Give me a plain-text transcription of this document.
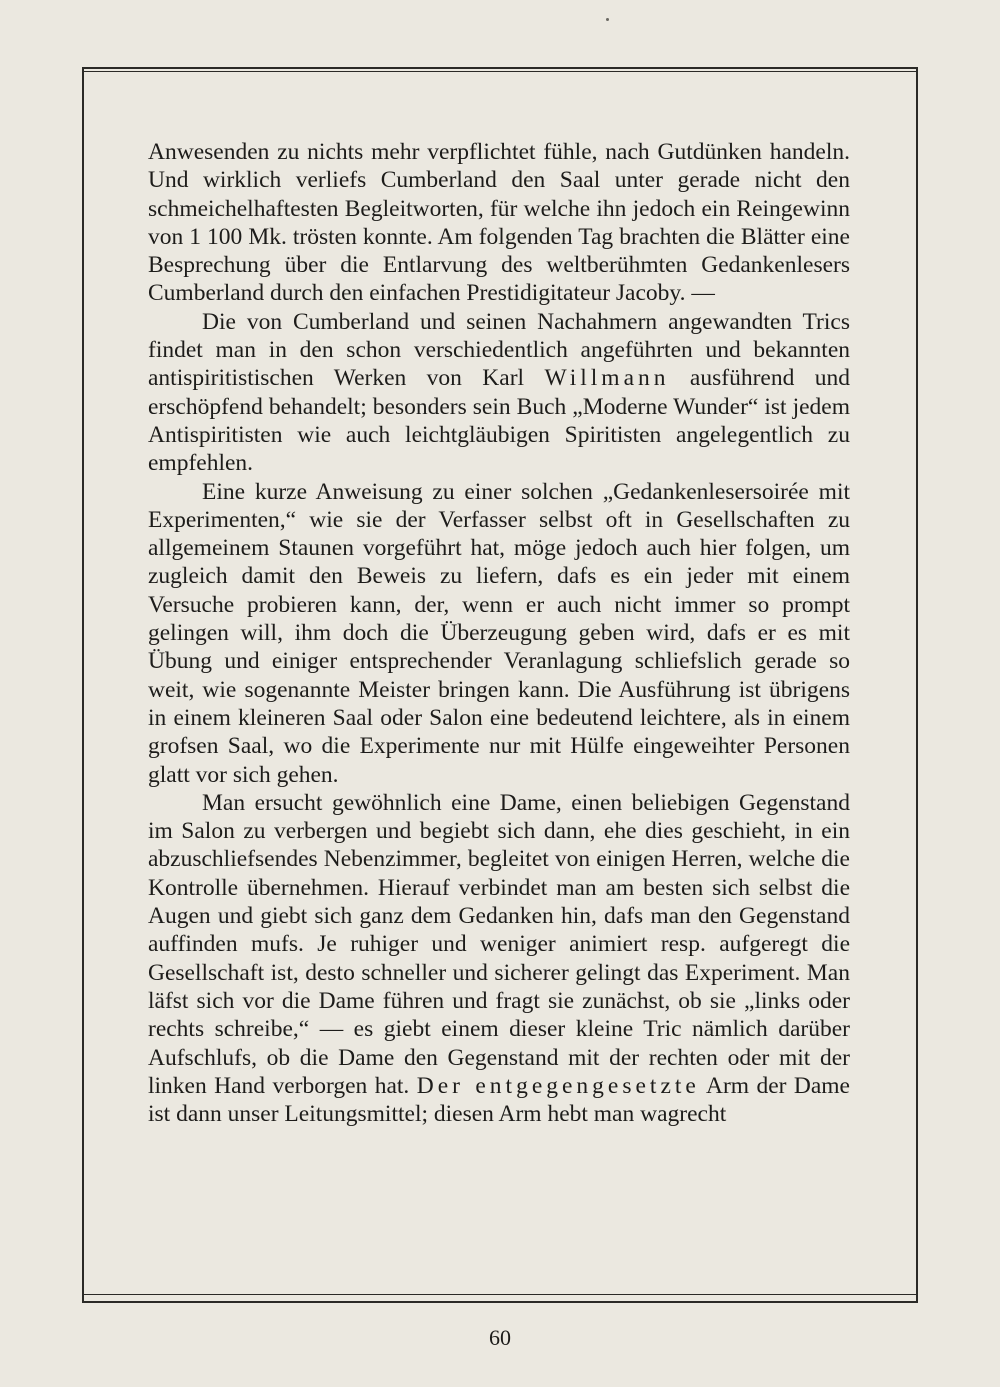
Anwesenden zu nichts mehr verpflichtet fühle, nach Gutdünken handeln. Und wirklich verliefs Cumberland den Saal unter gerade nicht den schmeichelhaftesten Begleitworten, für welche ihn jedoch ein Reingewinn von 1 100 Mk. trösten konnte. Am folgenden Tag brachten die Blätter eine Besprechung über die Entlarvung des weltberühmten Gedankenlesers Cumberland durch den einfachen Prestidigitateur Jacoby. —

Die von Cumberland und seinen Nachahmern angewandten Trics findet man in den schon verschiedentlich angeführten und bekannten antispiritistischen Werken von Karl Willmann ausführend und erschöpfend behandelt; besonders sein Buch „Moderne Wunder“ ist jedem Antispiritisten wie auch leichtgläubigen Spiritisten angelegentlich zu empfehlen.

Eine kurze Anweisung zu einer solchen „Gedankenlesersoirée mit Experimenten,“ wie sie der Verfasser selbst oft in Gesellschaften zu allgemeinem Staunen vorgeführt hat, möge jedoch auch hier folgen, um zugleich damit den Beweis zu liefern, dafs es ein jeder mit einem Versuche probieren kann, der, wenn er auch nicht immer so prompt gelingen will, ihm doch die Überzeugung geben wird, dafs er es mit Übung und einiger entsprechender Veranlagung schliefslich gerade so weit, wie sogenannte Meister bringen kann. Die Ausführung ist übrigens in einem kleineren Saal oder Salon eine bedeutend leichtere, als in einem grofsen Saal, wo die Experimente nur mit Hülfe eingeweihter Personen glatt vor sich gehen.

Man ersucht gewöhnlich eine Dame, einen beliebigen Gegenstand im Salon zu verbergen und begiebt sich dann, ehe dies geschieht, in ein abzuschliefsendes Nebenzimmer, begleitet von einigen Herren, welche die Kontrolle übernehmen. Hierauf verbindet man am besten sich selbst die Augen und giebt sich ganz dem Gedanken hin, dafs man den Gegenstand auffinden mufs. Je ruhiger und weniger animiert resp. aufgeregt die Gesellschaft ist, desto schneller und sicherer gelingt das Experiment. Man läfst sich vor die Dame führen und fragt sie zunächst, ob sie „links oder rechts schreibe,“ — es giebt einem dieser kleine Tric nämlich darüber Aufschlufs, ob die Dame den Gegenstand mit der rechten oder mit der linken Hand verborgen hat. Der entgegengesetzte Arm der Dame ist dann unser Leitungsmittel; diesen Arm hebt man wagrecht

60
